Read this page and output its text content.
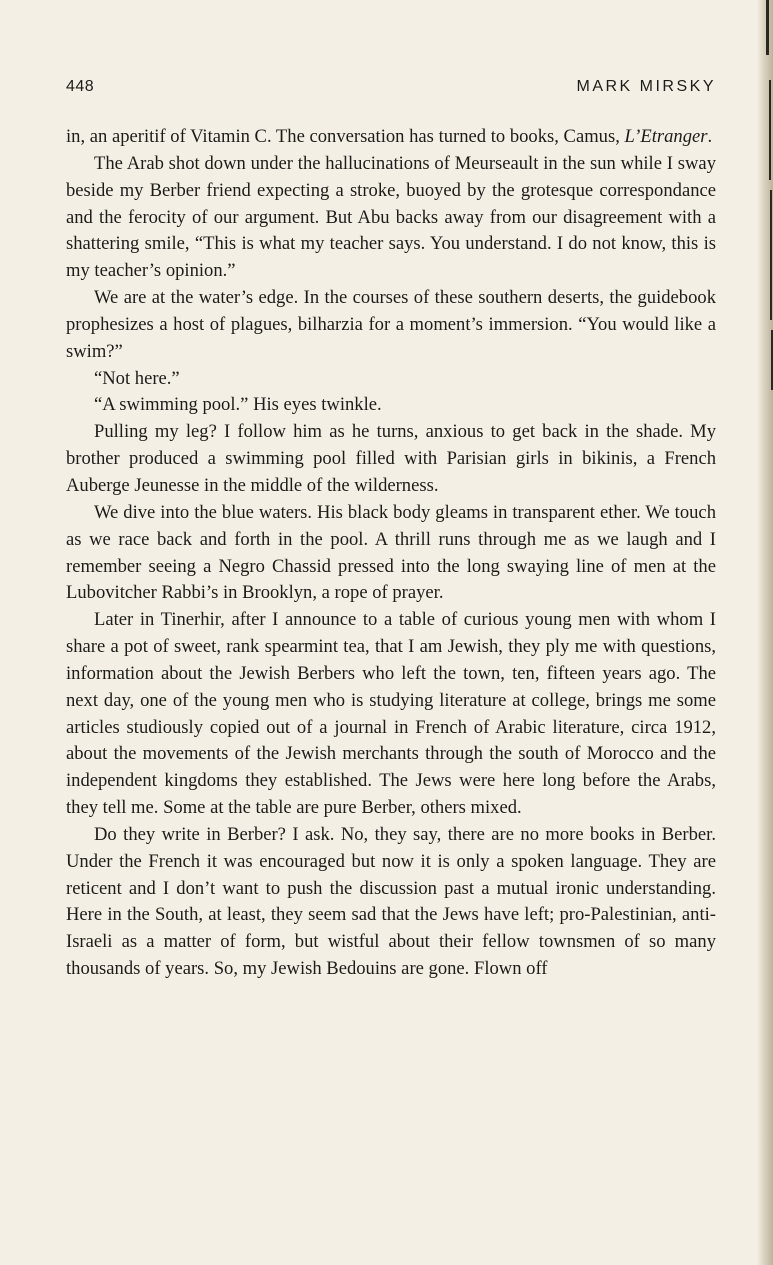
448	MARK MIRSKY

in, an aperitif of Vitamin C. The conversation has turned to books, Camus, L’Etranger.

The Arab shot down under the hallucinations of Meurseault in the sun while I sway beside my Berber friend expecting a stroke, buoyed by the grotesque correspondance and the ferocity of our argument. But Abu backs away from our disagreement with a shattering smile, “This is what my teacher says. You understand. I do not know, this is my teacher’s opinion.”

We are at the water’s edge. In the courses of these southern deserts, the guidebook prophesizes a host of plagues, bilharzia for a moment’s immersion. “You would like a swim?”

“Not here.”

“A swimming pool.” His eyes twinkle.

Pulling my leg? I follow him as he turns, anxious to get back in the shade. My brother produced a swimming pool filled with Parisian girls in bikinis, a French Auberge Jeunesse in the middle of the wilderness.

We dive into the blue waters. His black body gleams in transparent ether. We touch as we race back and forth in the pool. A thrill runs through me as we laugh and I remember seeing a Negro Chassid pressed into the long swaying line of men at the Lubovitcher Rabbi’s in Brooklyn, a rope of prayer.

Later in Tinerhir, after I announce to a table of curious young men with whom I share a pot of sweet, rank spearmint tea, that I am Jewish, they ply me with questions, information about the Jewish Berbers who left the town, ten, fifteen years ago. The next day, one of the young men who is studying literature at college, brings me some articles studiously copied out of a journal in French of Arabic literature, circa 1912, about the movements of the Jewish merchants through the south of Morocco and the independent kingdoms they established. The Jews were here long before the Arabs, they tell me. Some at the table are pure Berber, others mixed.

Do they write in Berber? I ask. No, they say, there are no more books in Berber. Under the French it was encouraged but now it is only a spoken language. They are reticent and I don’t want to push the discussion past a mutual ironic understanding. Here in the South, at least, they seem sad that the Jews have left; pro-Palestinian, anti-Israeli as a matter of form, but wistful about their fellow townsmen of so many thousands of years. So, my Jewish Bedouins are gone. Flown off
